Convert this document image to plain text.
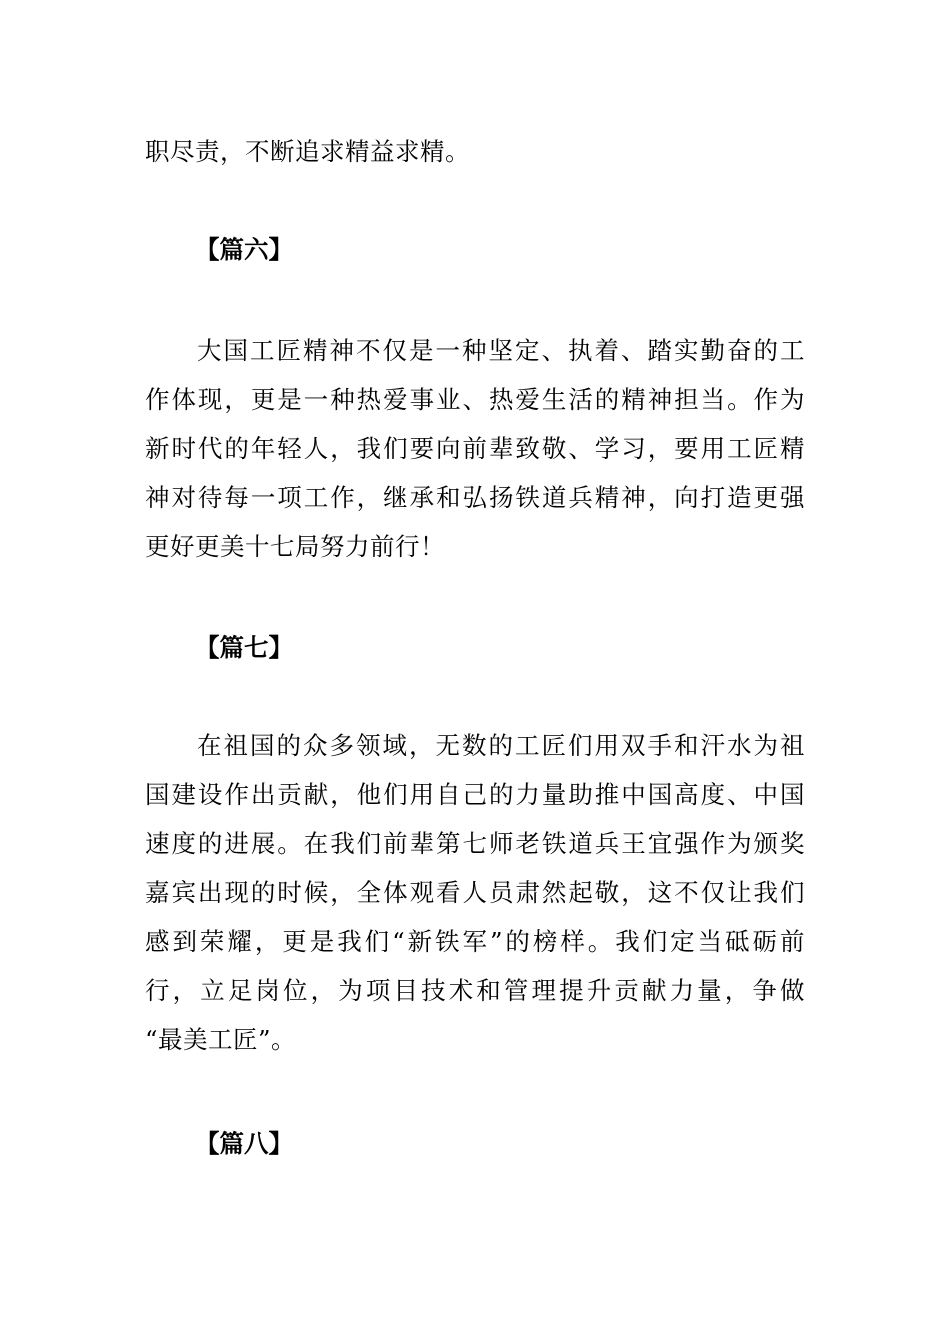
职尽责，不断追求精益求精。
【篇六】
大国工匠精神不仅是一种坚定、执着、踏实勤奋的工
作体现，更是一种热爱事业、热爱生活的精神担当。作为
新时代的年轻人，我们要向前辈致敬、学习，要用工匠精
神对待每一项工作，继承和弘扬铁道兵精神，向打造更强
更好更美十七局努力前行！
【篇七】
在祖国的众多领域，无数的工匠们用双手和汗水为祖
国建设作出贡献，他们用自己的力量助推中国高度、中国
速度的进展。在我们前辈第七师老铁道兵王宜强作为颁奖
嘉宾出现的时候，全体观看人员肃然起敬，这不仅让我们
感到荣耀，更是我们“新铁军”的榜样。我们定当砥砺前
行，立足岗位，为项目技术和管理提升贡献力量，争做
“最美工匠”。
【篇八】
